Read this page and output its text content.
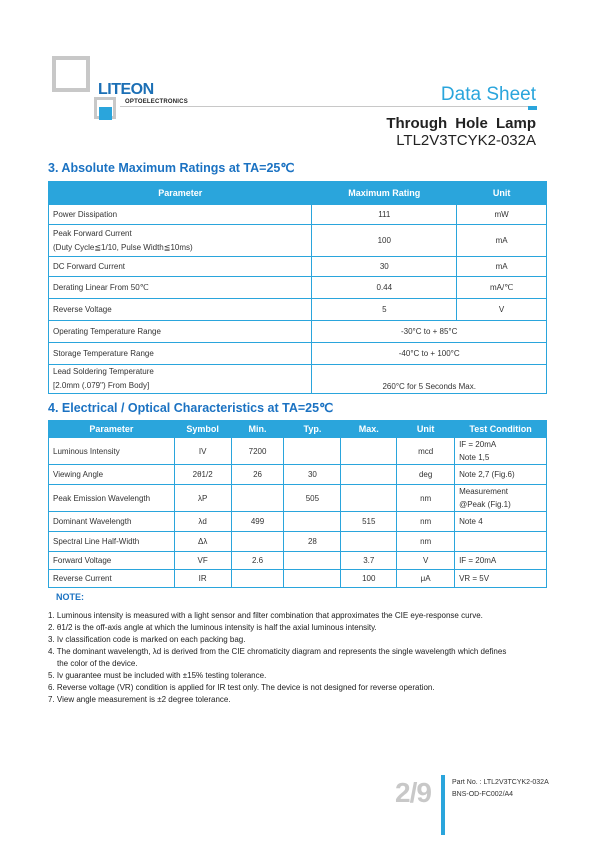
LITEON
OPTOELECTRONICS	Data Sheet
Through Hole Lamp
LTL2V3TCYK2-032A
3. Absolute Maximum Ratings at TA=25℃
Parameter	Maximum Rating	Unit
Power Dissipation	111	mW

Peak Forward Current
(Duty Cycle≦1/10, Pulse Width≦10ms)	100	mA
DC Forward Current	30	mA
Derating Linear From 50℃	0.44	mA/℃
Reverse Voltage	5	V
Operating Temperature Range	-30°C to + 85°C	
Storage Temperature Range	-40°C to + 100°C	

Lead Soldering Temperature
[2.0mm (.079") From Body]	260°C for 5 Seconds Max.	
4. Electrical / Optical Characteristics at TA=25℃
Parameter	Symbol	Min.	Typ.	Max.	Unit	Test Condition
Luminous Intensity	IV	7200			mcd	IF = 20mA
Note 1,5

Viewing Angle	2θ1/2	26	30		deg	Note 2,7 (Fig.6)

Peak Emission Wavelength	λP		505		nm	Measurement
@Peak (Fig.1)

Dominant Wavelength	λd	499		515	nm	Note 4

Spectral Line Half-Width	Δλ		28		nm	

Forward Voltage	VF	2.6		3.7	V	IF = 20mA

Reverse Current	IR			100	μA	VR = 5V
NOTE:
1. Luminous intensity is measured with a light sensor and filter combination that approximates the CIE eye-response curve.
2. θ1/2 is the off-axis angle at which the luminous intensity is half the axial luminous intensity.
3. Iv classification code is marked on each packing bag.
4. The dominant wavelength, λd is derived from the CIE chromaticity diagram and represents the single wavelength which defines
the color of the device.
5. Iv guarantee must be included with ±15% testing tolerance.
6. Reverse voltage (VR) condition is applied for IR test only. The device is not designed for reverse operation.
7. View angle measurement is ±2 degree tolerance.
2/9	Part No. : LTL2V3TCYK2-032A
BNS-OD-FC002/A4
